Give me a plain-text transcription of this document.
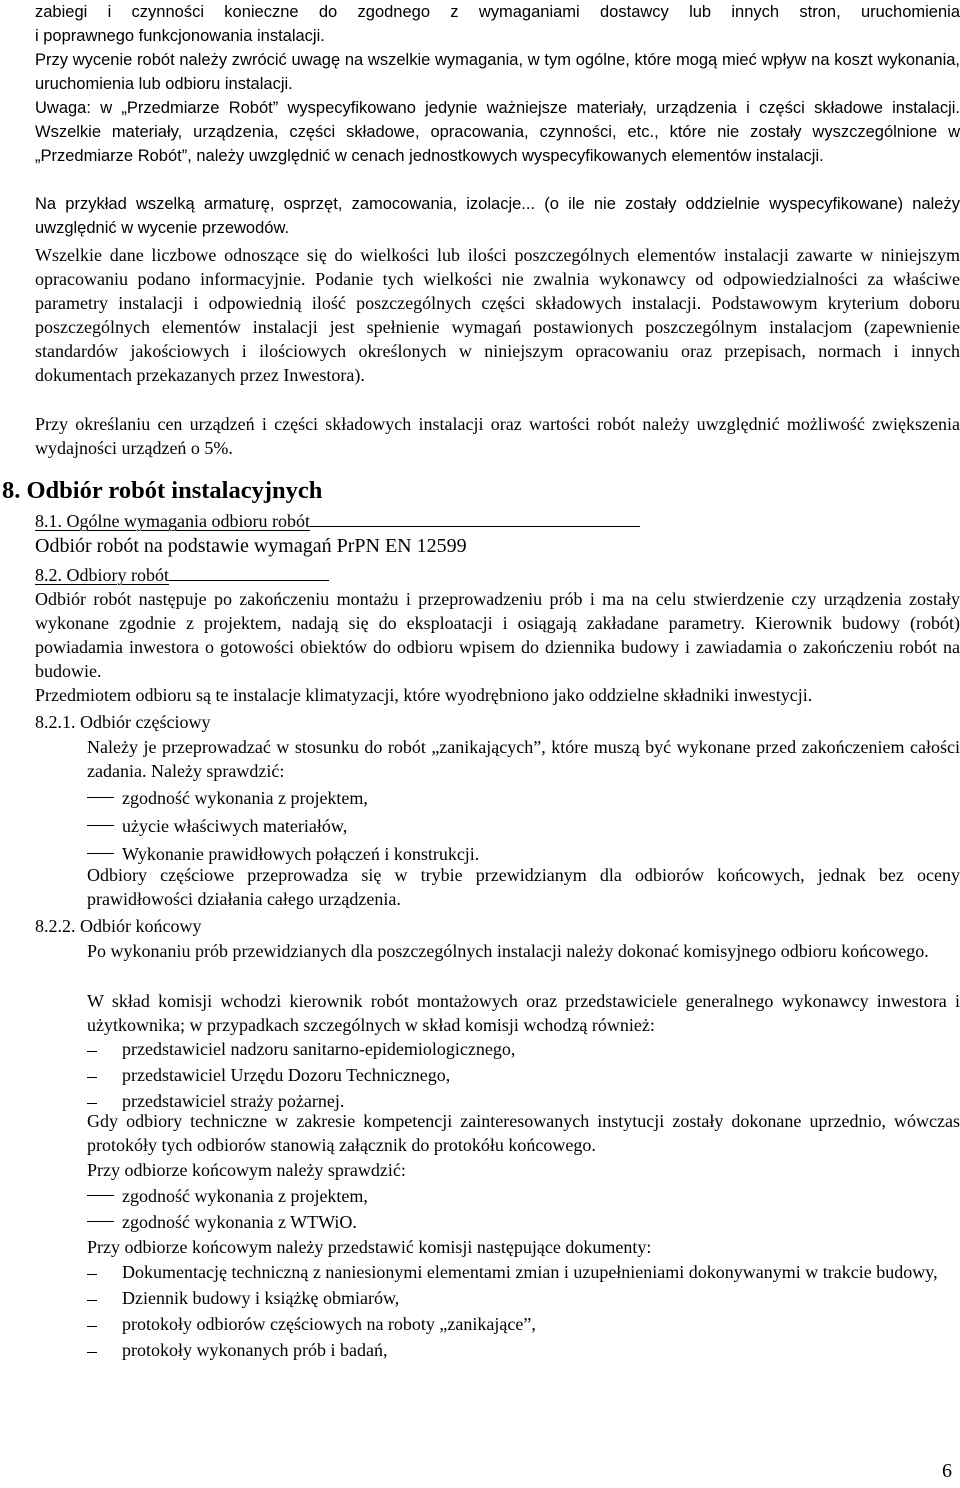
zabiegi i czynności konieczne do zgodnego z wymaganiami dostawcy lub innych stron, uruchomienia
i poprawnego funkcjonowania instalacji.

Przy wycenie robót należy zwrócić uwagę na wszelkie wymagania, w tym ogólne, które mogą mieć wpływ na koszt wykonania, uruchomienia lub odbioru instalacji.

Uwaga: w „Przedmiarze Robót” wyspecyfikowano jedynie ważniejsze materiały, urządzenia i części składowe instalacji. Wszelkie materiały, urządzenia, części składowe, opracowania, czynności, etc., które nie zostały wyszczególnione w „Przedmiarze Robót”, należy uwzględnić w cenach jednostkowych wyspecyfikowanych elementów instalacji.

Na przykład wszelką armaturę, osprzęt, zamocowania, izolacje... (o ile nie zostały oddzielnie wyspecyfikowane) należy uwzględnić w wycenie przewodów.

Wszelkie dane liczbowe odnoszące się do wielkości lub ilości poszczególnych elementów instalacji zawarte w niniejszym opracowaniu podano informacyjnie. Podanie tych wielkości nie zwalnia wykonawcy od odpowiedzialności za właściwe parametry instalacji i odpowiednią ilość poszczególnych części składowych instalacji. Podstawowym kryterium doboru poszczególnych elementów instalacji jest spełnienie wymagań postawionych poszczególnym instalacjom (zapewnienie standardów jakościowych i ilościowych określonych w niniejszym opracowaniu oraz przepisach, normach i innych dokumentach przekazanych przez Inwestora).

Przy określaniu cen urządzeń i części składowych instalacji oraz wartości robót należy uwzględnić możliwość zwiększenia wydajności urządzeń o 5%.

8. Odbiór robót instalacyjnych
8.1. Ogólne wymagania odbioru robót
Odbiór robót na podstawie wymagań PrPN EN 12599
8.2. Odbiory robót

Odbiór robót następuje po zakończeniu montażu i przeprowadzeniu prób i ma na celu stwierdzenie czy urządzenia zostały wykonane zgodnie z projektem, nadają się do eksploatacji i osiągają zakładane parametry. Kierownik budowy (robót) powiadamia inwestora o gotowości obiektów do odbioru wpisem do dziennika budowy i zawiadamia o zakończeniu robót na budowie.

Przedmiotem odbioru są te instalacje klimatyzacji, które wyodrębniono jako oddzielne składniki inwestycji.
8.2.1. Odbiór częściowy

Należy je przeprowadzać w stosunku do robót „zanikających”, które muszą być wykonane przed zakończeniem całości zadania. Należy sprawdzić:

zgodność wykonania z projektem,
użycie właściwych materiałów,
Wykonanie prawidłowych połączeń i konstrukcji.

Odbiory częściowe przeprowadza się w trybie przewidzianym dla odbiorów końcowych, jednak bez oceny prawidłowości działania całego urządzenia.

8.2.2. Odbiór końcowy

Po wykonaniu prób przewidzianych dla poszczególnych instalacji należy dokonać komisyjnego odbioru końcowego.

W skład komisji wchodzi kierownik robót montażowych oraz przedstawiciele generalnego wykonawcy inwestora i użytkownika; w przypadkach szczególnych w skład komisji wchodzą również:

przedstawiciel nadzoru sanitarno-epidemiologicznego,
przedstawiciel Urzędu Dozoru Technicznego,
przedstawiciel straży pożarnej.

Gdy odbiory techniczne w zakresie kompetencji zainteresowanych instytucji zostały dokonane uprzednio, wówczas protokóły tych odbiorów stanowią załącznik do protokółu końcowego.

Przy odbiorze końcowym należy sprawdzić:
zgodność wykonania z projektem,
zgodność wykonania z WTWiO.
Przy odbiorze końcowym należy przedstawić komisji następujące dokumenty:
Dokumentację techniczną z naniesionymi elementami zmian i uzupełnieniami dokonywanymi w trakcie budowy,
Dziennik budowy i książkę obmiarów,
protokoły odbiorów częściowych na roboty „zanikające”,
protokoły wykonanych prób i badań,
6
